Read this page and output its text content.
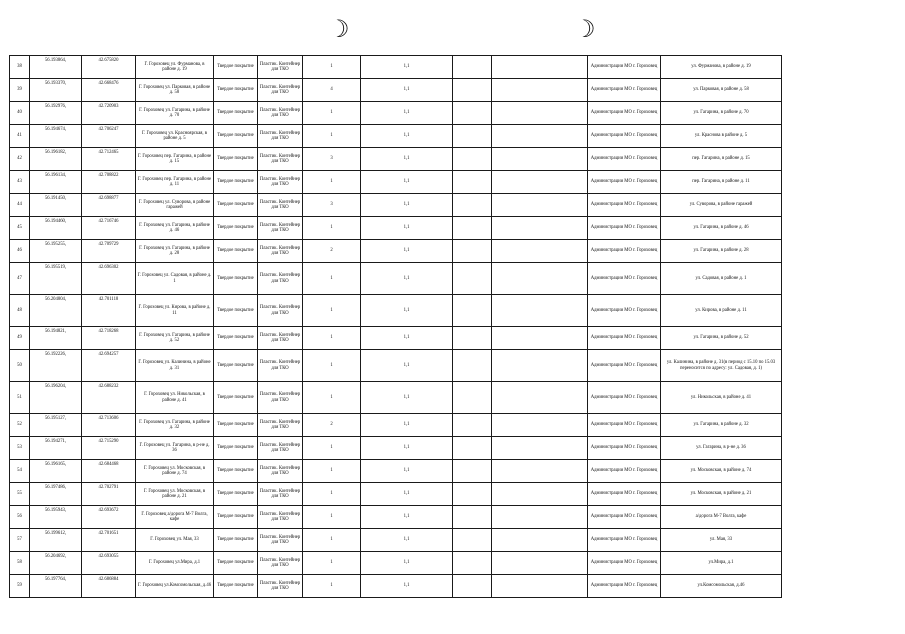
☽	☽
38	56.193864,	42.675820	Г. Гороховец ул. Фурманова, в районе д. 19	Твердое покрытие	Пластик. Контейнер для ТКО	1	1,1			Администрации МО г. Гороховец	ул. Фурманова, в районе д. 19
39	56.193370,	42.668476	Г. Гороховец ул. Парковая, в районе д. 58	Твердое покрытие	Пластик. Контейнер для ТКО	4	1,1			Администрации МО г. Гороховец	ул. Парковая, в районе д. 58
40	56.192976,	42.720903	Г. Гороховец ул. Гагарина, в районе д. 70	Твердое покрытие	Пластик. Контейнер для ТКО	1	1,1			Администрации МО г. Гороховец	ул. Гагарина, в районе д. 70
41	56.194674,	42.706247	Г. Гороховец ул. Красноярская, в районе д. 5	Твердое покрытие	Пластик. Контейнер для ТКО	1	1,1			Администрации МО г. Гороховец	ул. Краснова в районе д. 5
42	56.196182,	42.712465	Г. Гороховец пер. Гагарина, в районе д. 15	Твердое покрытие	Пластик. Контейнер для ТКО	3	1,1			Администрации МО г. Гороховец	пер. Гагарина, в районе д. 15
43	56.196134,	42.708822	Г. Гороховец пер. Гагарина, в районе д. 11	Твердое покрытие	Пластик. Контейнер для ТКО	1	1,1			Администрации МО г. Гороховец	пер. Гагарина, в районе д. 11
44	56.191450,	42.698877	Г. Гороховец ул. Суворова, в районе гаражей	Твердое покрытие	Пластик. Контейнер для ТКО	3	1,1			Администрации МО г. Гороховец	ул. Суворова, в районе гаражей
45	56.194460,	42.716746	Г. Гороховец ул. Гагарина, в районе д. 46	Твердое покрытие	Пластик. Контейнер для ТКО	1	1,1			Администрации МО г. Гороховец	ул. Гагарина, в районе д. 46
46	56.195255,	42.709729	Г. Гороховец ул. Гагарина, в районе д. 28	Твердое покрытие	Пластик. Контейнер для ТКО	2	1,1			Администрации МО г. Гороховец	ул. Гагарина, в районе д. 28
47	56.195519,	42.696302	Г. Гороховец ул. Садовая, в районе д. 1	Твердое покрытие	Пластик. Контейнер для ТКО	1	1,1			Администрации МО г. Гороховец	ул. Садовая, в районе д. 1
48	56.204804,	42.701118	Г. Гороховец ул. Кирова, в районе д. 11	Твердое покрытие	Пластик. Контейнер для ТКО	1	1,1			Администрации МО г. Гороховец	ул. Кирова, в районе д. 11
49	56.194821,	42.718268	Г. Гороховец ул. Гагарина, в районе д. 52	Твердое покрытие	Пластик. Контейнер для ТКО	1	1,1			Администрации МО г. Гороховец	ул. Гагарина, в районе д. 52
50	56.192226,	42.694257	Г. Гороховец ул. Калинина, в районе д. 31	Твердое покрытие	Пластик. Контейнер для ТКО	1	1,1			Администрации МО г. Гороховец	ул. Калинина, в районе д. 31(в период с 15.10 по 15.03 переносится по адресу: ул. Садовая, д. 1)
51	56.196204,	42.688232	Г. Гороховец ул. Никольская, в районе д. 41	Твердое покрытие	Пластик. Контейнер для ТКО	1	1,1			Администрации МО г. Гороховец	ул. Никольская, в районе д. 41
52	56.195127,	42.713606	Г. Гороховец ул. Гагарина, в районе д. 32	Твердое покрытие	Пластик. Контейнер для ТКО	2	1,1			Администрации МО г. Гороховец	ул. Гагарина, в районе д. 32
53	56.194271,	42.715290	Г. Гороховец ул. Гагарина, в р-не д. 36	Твердое покрытие	Пластик. Контейнер для ТКО	1	1,1			Администрации МО г. Гороховец	ул. Гагарина, в р-не д. 36
54	56.196165,	42.684468	Г. Гороховец ул. Московская, в районе д. 74	Твердое покрытие	Пластик. Контейнер для ТКО	1	1,1			Администрации МО г. Гороховец	ул. Московская, в районе д. 74
55	56.197486,	42.702791	Г. Гороховец ул. Московская, в районе д. 21	Твердое покрытие	Пластик. Контейнер для ТКО	1	1,1			Администрации МО г. Гороховец	ул. Московская, в районе д. 21
56	56.195943,	42.693672	Г. Гороховец а/дорога М-7 Волга, кафе	Твердое покрытие	Пластик. Контейнер для ТКО	1	1,1			Администрации МО г. Гороховец	а/дорога М-7 Волга, кафе
57	56.199612,	42.701651	Г. Гороховец ул. Мая, 33	Твердое покрытие	Пластик. Контейнер для ТКО	1	1,1			Администрации МО г. Гороховец	ул. Мая, 33
58	56.204692,	42.693055	Г. Гороховец ул.Мира, д.1	Твердое покрытие	Пластик. Контейнер для ТКО	1	1,1			Администрации МО г. Гороховец	ул.Мира, д.1
59	56.197764,	42.686884	Г. Гороховец ул.Комсомольская, д.46	Твердое покрытие	Пластик. Контейнер для ТКО	1	1,1			Администрации МО г. Гороховец	ул.Комсомольская, д.46
